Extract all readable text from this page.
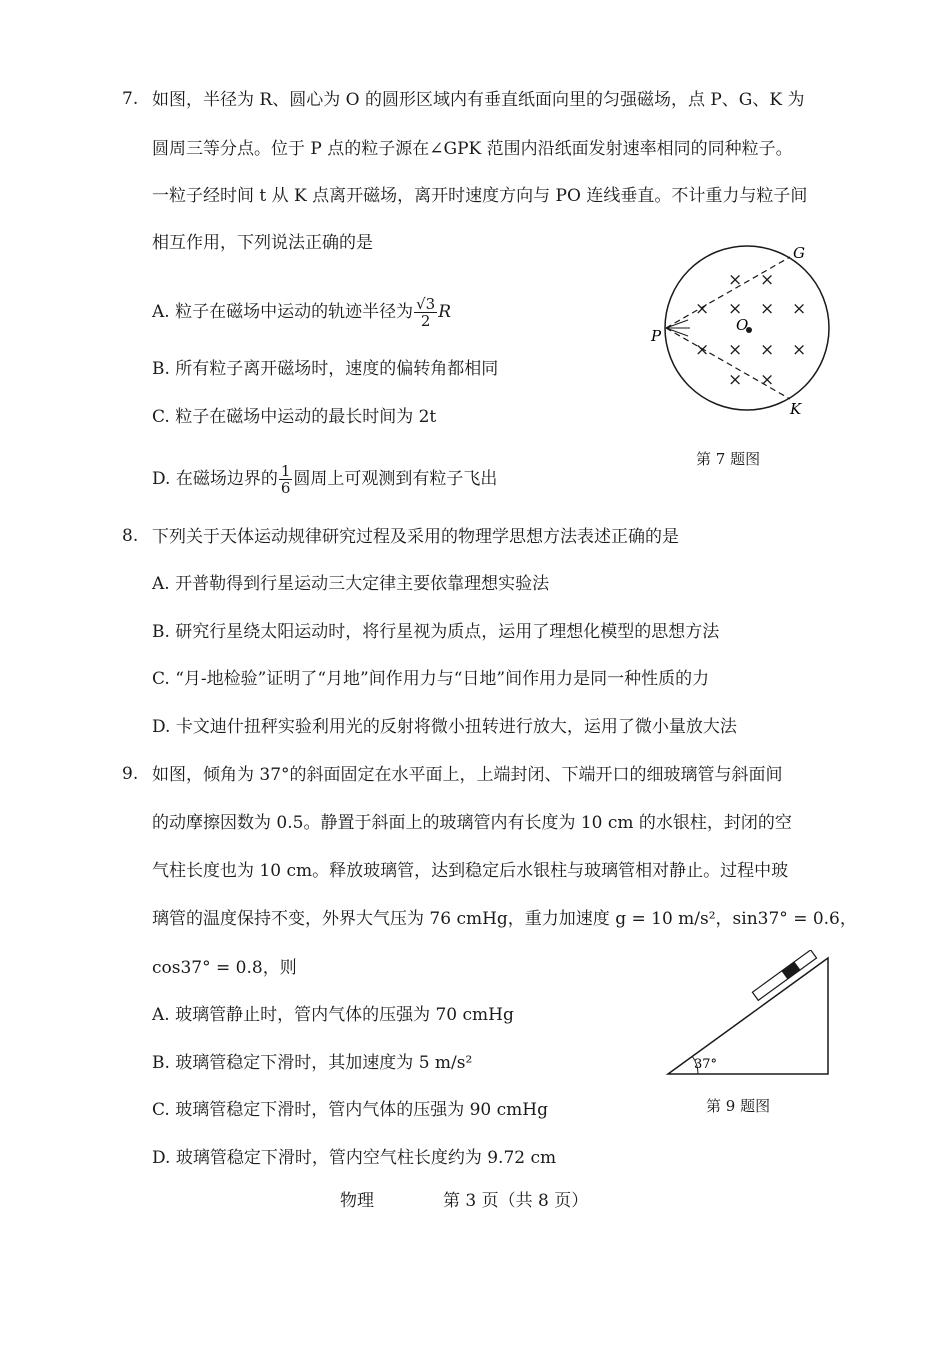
7. 如图，半径为 R、圆心为 O 的圆形区域内有垂直纸面向里的匀强磁场，点 P、G、K 为
圆周三等分点。位于 P 点的粒子源在∠GPK 范围内沿纸面发射速率相同的同种粒子。
一粒子经时间 t 从 K 点离开磁场，离开时速度方向与 PO 连线垂直。不计重力与粒子间
相互作用，下列说法正确的是
A. 粒子在磁场中运动的轨迹半径为 $\frac{√3}{2}$ R
B. 所有粒子离开磁场时，速度的偏转角都相同
C. 粒子在磁场中运动的最长时间为 2t
D. 在磁场边界的 $\frac{1}{6}$ 圆周上可观测到有粒子飞出
G
P
O
K
× ×
× × × ×
× × × ×
× ×
第 7 题图
8. 下列关于天体运动规律研究过程及采用的物理学思想方法表述正确的是
A. 开普勒得到行星运动三大定律主要依靠理想实验法
B. 研究行星绕太阳运动时，将行星视为质点，运用了理想化模型的思想方法
C. “月-地检验”证明了“月地”间作用力与“日地”间作用力是同一种性质的力
D. 卡文迪什扭秤实验利用光的反射将微小扭转进行放大，运用了微小量放大法
9. 如图，倾角为 37°的斜面固定在水平面上，上端封闭、下端开口的细玻璃管与斜面间
的动摩擦因数为 0.5。静置于斜面上的玻璃管内有长度为 10 cm 的水银柱，封闭的空
气柱长度也为 10 cm。释放玻璃管，达到稳定后水银柱与玻璃管相对静止。过程中玻
璃管的温度保持不变，外界大气压为 76 cmHg，重力加速度 g = 10 m/s²，sin37° = 0.6，
cos37° = 0.8，则
A. 玻璃管静止时，管内气体的压强为 70 cmHg
B. 玻璃管稳定下滑时，其加速度为 5 m/s²
C. 玻璃管稳定下滑时，管内气体的压强为 90 cmHg
D. 玻璃管稳定下滑时，管内空气柱长度约为 9.72 cm
37°
第 9 题图
物理	第 3 页（共 8 页）
